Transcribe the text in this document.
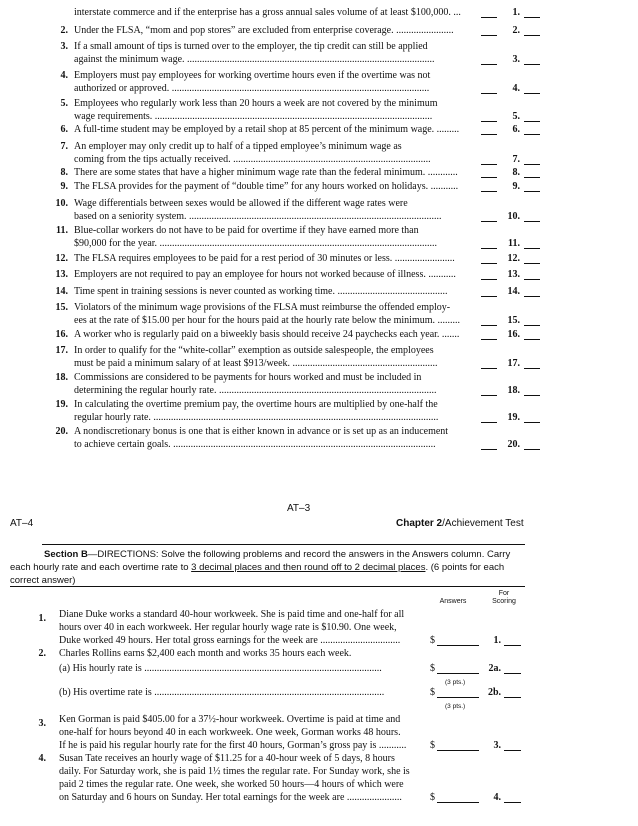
interstate commerce and if the enterprise has a gross annual sales volume of at least $100,000. ...	1.
2. Under the FLSA, “mom and pop stores” are excluded from enterprise coverage. .......................	2.
3. If a small amount of tips is turned over to the employer, the tip credit can still be applied
against the minimum wage. ...................................................................................................	3.
4. Employers must pay employees for working overtime hours even if the overtime was not
authorized or approved. .......................................................................................................	4.
5. Employees who regularly work less than 20 hours a week are not covered by the minimum
wage requirements. ...............................................................................................................	5.
6. A full-time student may be employed by a retail shop at 85 percent of the minimum wage. .........	6.
7. An employer may only credit up to half of a tipped employee’s minimum wage as
coming from the tips actually received. ...............................................................................	7.
8. There are some states that have a higher minimum wage rate than the federal minimum. ............	8.
9. The FLSA provides for the payment of “double time” for any hours worked on holidays. ...........	9.
10. Wage differentials between sexes would be allowed if the different wage rates were
based on a seniority system. .....................................................................................................	10.
11. Blue-collar workers do not have to be paid for overtime if they have earned more than
$90,000 for the year. ...............................................................................................................	11.
12. The FLSA requires employees to be paid for a rest period of 30 minutes or less. ........................	12.
13. Employers are not required to pay an employee for hours not worked because of illness. ...........	13.
14. Time spent in training sessions is never counted as working time. ............................................	14.
15. Violators of the minimum wage provisions of the FLSA must reimburse the offended employ-
ees at the rate of $15.00 per hour for the hours paid at the hourly rate below the minimum. .........	15.
16. A worker who is regularly paid on a biweekly basis should receive 24 paychecks each year. .......	16.
17. In order to qualify for the “white-collar” exemption as outside salespeople, the employees
must be paid a minimum salary of at least $913/week. ..........................................................	17.
18. Commissions are considered to be payments for hours worked and must be included in
determining the regular hourly rate. .......................................................................................	18.
19. In calculating the overtime premium pay, the overtime hours are multiplied by one-half the
regular hourly rate. ..................................................................................................................	19.
20. A nondiscretionary bonus is one that is either known in advance or is set up as an inducement
to achieve certain goals. .........................................................................................................	20.
AT–3
AT–4	Chapter 2/Achievement Test
Section B—DIRECTIONS: Solve the following problems and record the answers in the Answers column. Carry each hourly rate and each overtime rate to 3 decimal places and then round off to 2 decimal places. (6 points for each correct answer)
For
Answers	Scoring
1. Diane Duke works a standard 40-hour workweek. She is paid time and one-half for all
hours over 40 in each workweek. Her regular hourly wage rate is $10.90. One week,
Duke worked 49 hours. Her total gross earnings for the week are ................................	$	1.
2. Charles Rollins earns $2,400 each month and works 35 hours each week.
(a) His hourly rate is ...............................................................................................	$	2a.
(3 pts.)
(b) His overtime rate is ............................................................................................	$	2b.
(3 pts.)
3. Ken Gorman is paid $405.00 for a 37½-hour workweek. Overtime is paid at time and
one-half for hours beyond 40 in each workweek. One week, Gorman works 48 hours.
If he is paid his regular hourly rate for the first 40 hours, Gorman’s gross pay is ...........	$	3.
4. Susan Tate receives an hourly wage of $11.25 for a 40-hour week of 5 days, 8 hours
daily. For Saturday work, she is paid 1½ times the regular rate. For Sunday work, she is
paid 2 times the regular rate. One week, she worked 50 hours—4 hours of which were
on Saturday and 6 hours on Sunday. Her total earnings for the week are ......................	$	4.
